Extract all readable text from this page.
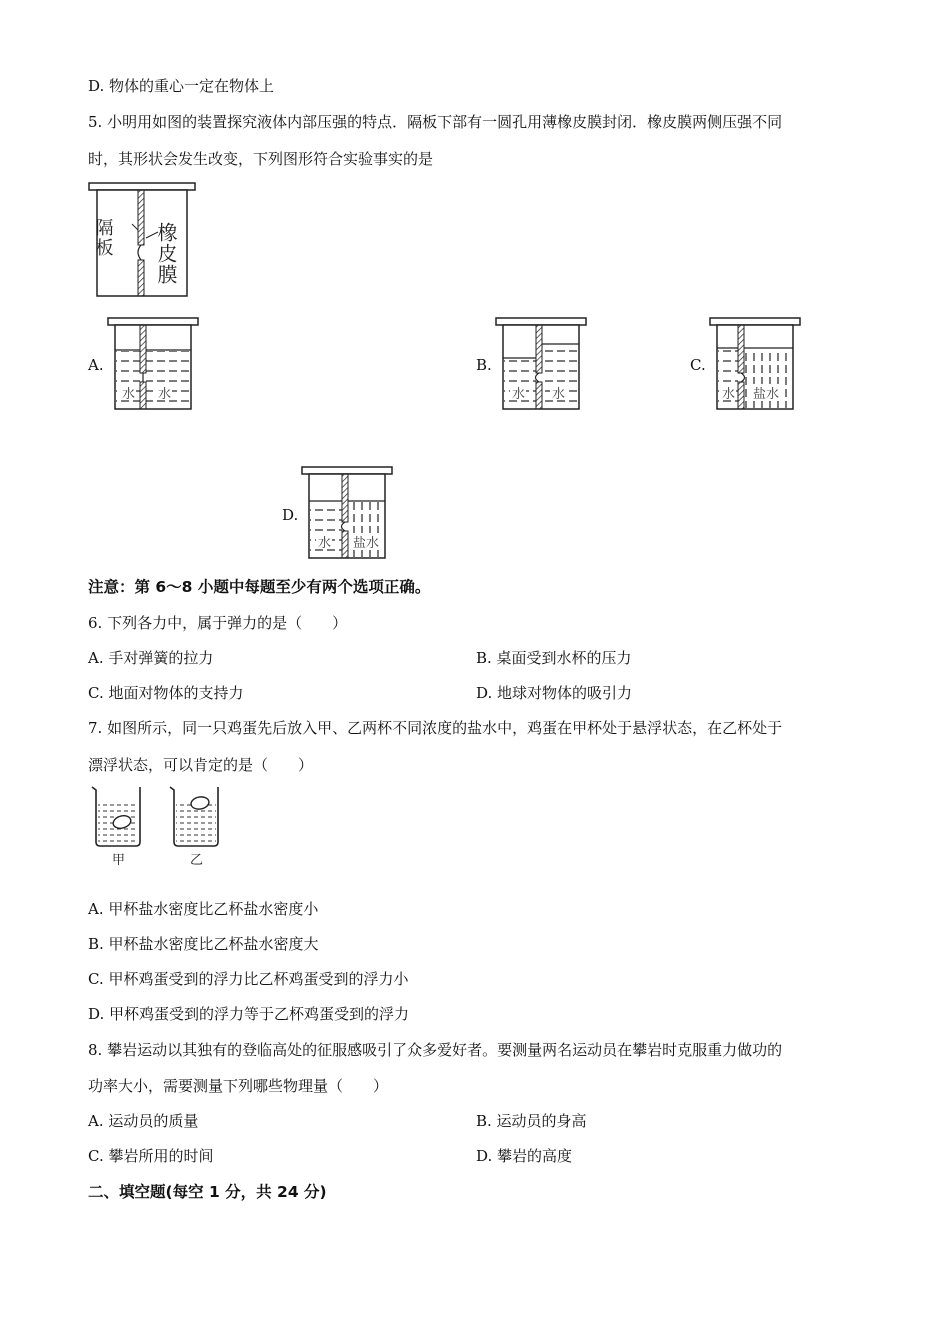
D. 物体的重心一定在物体上
5. 小明用如图的装置探究液体内部压强的特点．隔板下部有一圆孔用薄橡皮膜封闭．橡皮膜两侧压强不同
时，其形状会发生改变，下列图形符合实验事实的是
隔板 橡皮膜
A.
水 水
B.
水 水
C.
水 盐水
D.
水 盐水
注意：第 6～8 小题中每题至少有两个选项正确。
6. 下列各力中，属于弹力的是（　　）
A. 手对弹簧的拉力	B. 桌面受到水杯的压力
C. 地面对物体的支持力	D. 地球对物体的吸引力
7. 如图所示，同一只鸡蛋先后放入甲、乙两杯不同浓度的盐水中，鸡蛋在甲杯处于悬浮状态，在乙杯处于
漂浮状态，可以肯定的是（　　）
甲	乙
A. 甲杯盐水密度比乙杯盐水密度小
B. 甲杯盐水密度比乙杯盐水密度大
C. 甲杯鸡蛋受到的浮力比乙杯鸡蛋受到的浮力小
D. 甲杯鸡蛋受到的浮力等于乙杯鸡蛋受到的浮力
8. 攀岩运动以其独有的登临高处的征服感吸引了众多爱好者。要测量两名运动员在攀岩时克服重力做功的
功率大小，需要测量下列哪些物理量（　　）
A. 运动员的质量	B. 运动员的身高
C. 攀岩所用的时间	D. 攀岩的高度
二、填空题(每空 1 分，共 24 分)
